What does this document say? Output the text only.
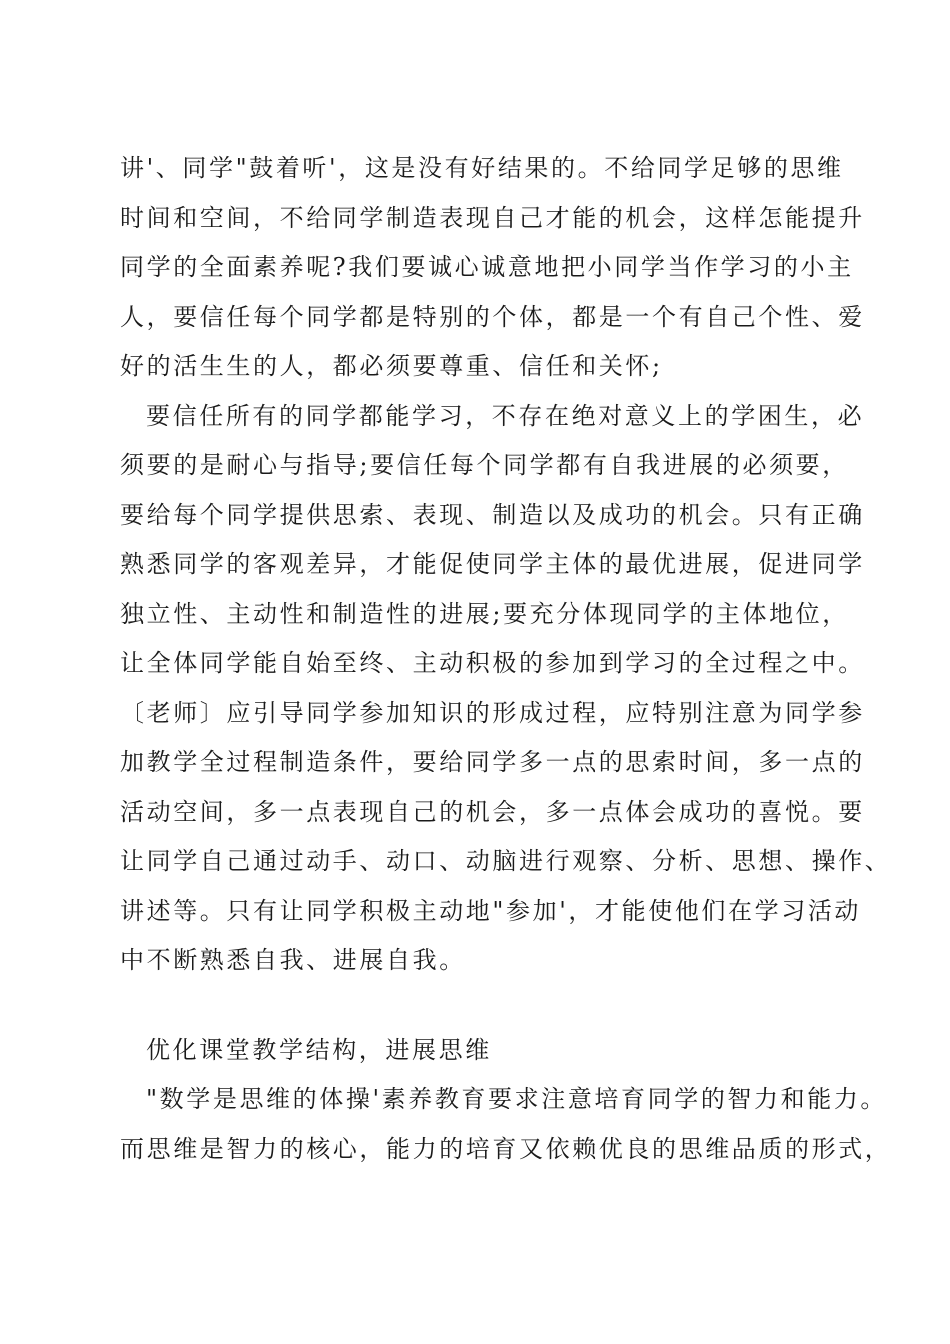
讲'、同学"鼓着听'，这是没有好结果的。不给同学足够的思维
时间和空间，不给同学制造表现自己才能的机会，这样怎能提升
同学的全面素养呢?我们要诚心诚意地把小同学当作学习的小主
人，要信任每个同学都是特别的个体，都是一个有自己个性、爱
好的活生生的人，都必须要尊重、信任和关怀;
要信任所有的同学都能学习，不存在绝对意义上的学困生，必
须要的是耐心与指导;要信任每个同学都有自我进展的必须要，
要给每个同学提供思索、表现、制造以及成功的机会。只有正确
熟悉同学的客观差异，才能促使同学主体的最优进展，促进同学
独立性、主动性和制造性的进展;要充分体现同学的主体地位，
让全体同学能自始至终、主动积极的参加到学习的全过程之中。
〔老师〕应引导同学参加知识的形成过程，应特别注意为同学参
加教学全过程制造条件，要给同学多一点的思索时间，多一点的
活动空间，多一点表现自己的机会，多一点体会成功的喜悦。要
让同学自己通过动手、动口、动脑进行观察、分析、思想、操作、
讲述等。只有让同学积极主动地"参加'，才能使他们在学习活动
中不断熟悉自我、进展自我。
优化课堂教学结构，进展思维
"数学是思维的体操'素养教育要求注意培育同学的智力和能力。
而思维是智力的核心，能力的培育又依赖优良的思维品质的形式，
